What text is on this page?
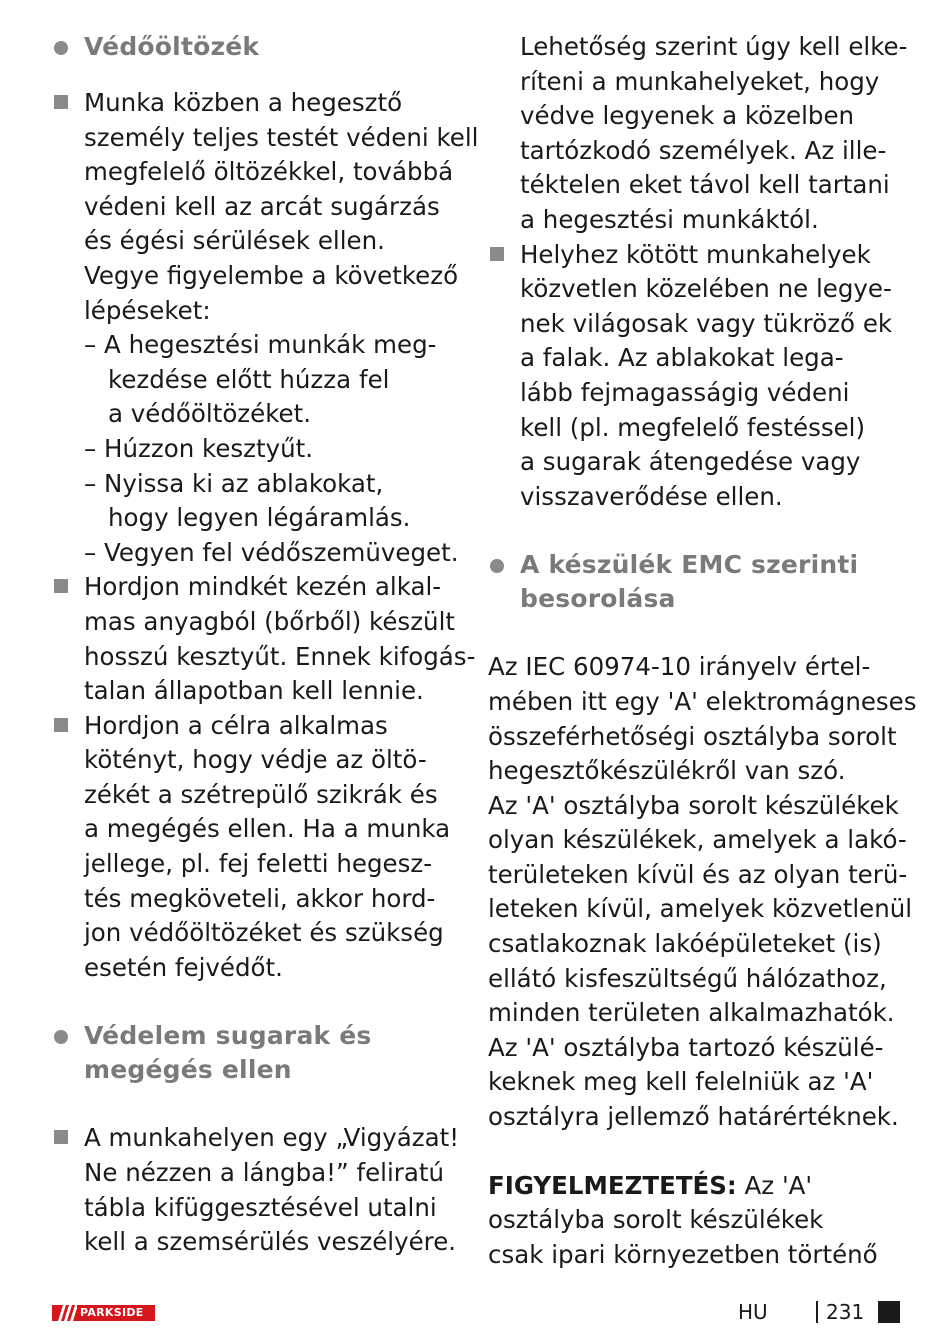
Védőöltözék
Munka közben a hegesztő
személy teljes testét védeni kell
megfelelő öltözékkel, továbbá
védeni kell az arcát sugárzás
és égési sérülések ellen.
Vegye figyelembe a következő
lépéseket:
– A hegesztési munkák meg-
kezdése előtt húzza fel
a védőöltözéket.
– Húzzon kesztyűt.
– Nyissa ki az ablakokat,
hogy legyen légáramlás.
– Vegyen fel védőszemüveget.
Hordjon mindkét kezén alkal-
mas anyagból (bőrből) készült
hosszú kesztyűt. Ennek kifogás-
talan állapotban kell lennie.
Hordjon a célra alkalmas
kötényt, hogy védje az öltö-
zékét a szétrepülő szikrák és
a megégés ellen. Ha a munka
jellege, pl. fej feletti hegesz-
tés megköveteli, akkor hord-
jon védőöltözéket és szükség
esetén fejvédőt.
Védelem sugarak és
megégés ellen
A munkahelyen egy „Vigyázat!
Ne nézzen a lángba!” feliratú
tábla kifüggesztésével utalni
kell a szemsérülés veszélyére.
Lehetőség szerint úgy kell elke-
ríteni a munkahelyeket, hogy
védve legyenek a közelben
tartózkodó személyek. Az ille-
téktelen eket távol kell tartani
a hegesztési munkáktól.
Helyhez kötött munkahelyek
közvetlen közelében ne legye-
nek világosak vagy tükröző ek
a falak. Az ablakokat lega-
lább fejmagasságig védeni
kell (pl. megfelelő festéssel)
a sugarak átengedése vagy
visszaverődése ellen.
A készülék EMC szerinti
besorolása
Az IEC 60974-10 irányelv értel-
mében itt egy 'A' elektromágneses
összeférhetőségi osztályba sorolt
hegesztőkészülékről van szó.
Az 'A' osztályba sorolt készülékek
olyan készülékek, amelyek a lakó-
területeken kívül és az olyan terü-
leteken kívül, amelyek közvetlenül
csatlakoznak lakóépületeket (is)
ellátó kisfeszültségű hálózathoz,
minden területen alkalmazhatók.
Az 'A' osztályba tartozó készülé-
keknek meg kell felelniük az 'A'
osztályra jellemző határértéknek.
FIGYELMEZTETÉS: Az 'A'
osztályba sorolt készülékek
csak ipari környezetben történő
PARKSIDE	HU	231
